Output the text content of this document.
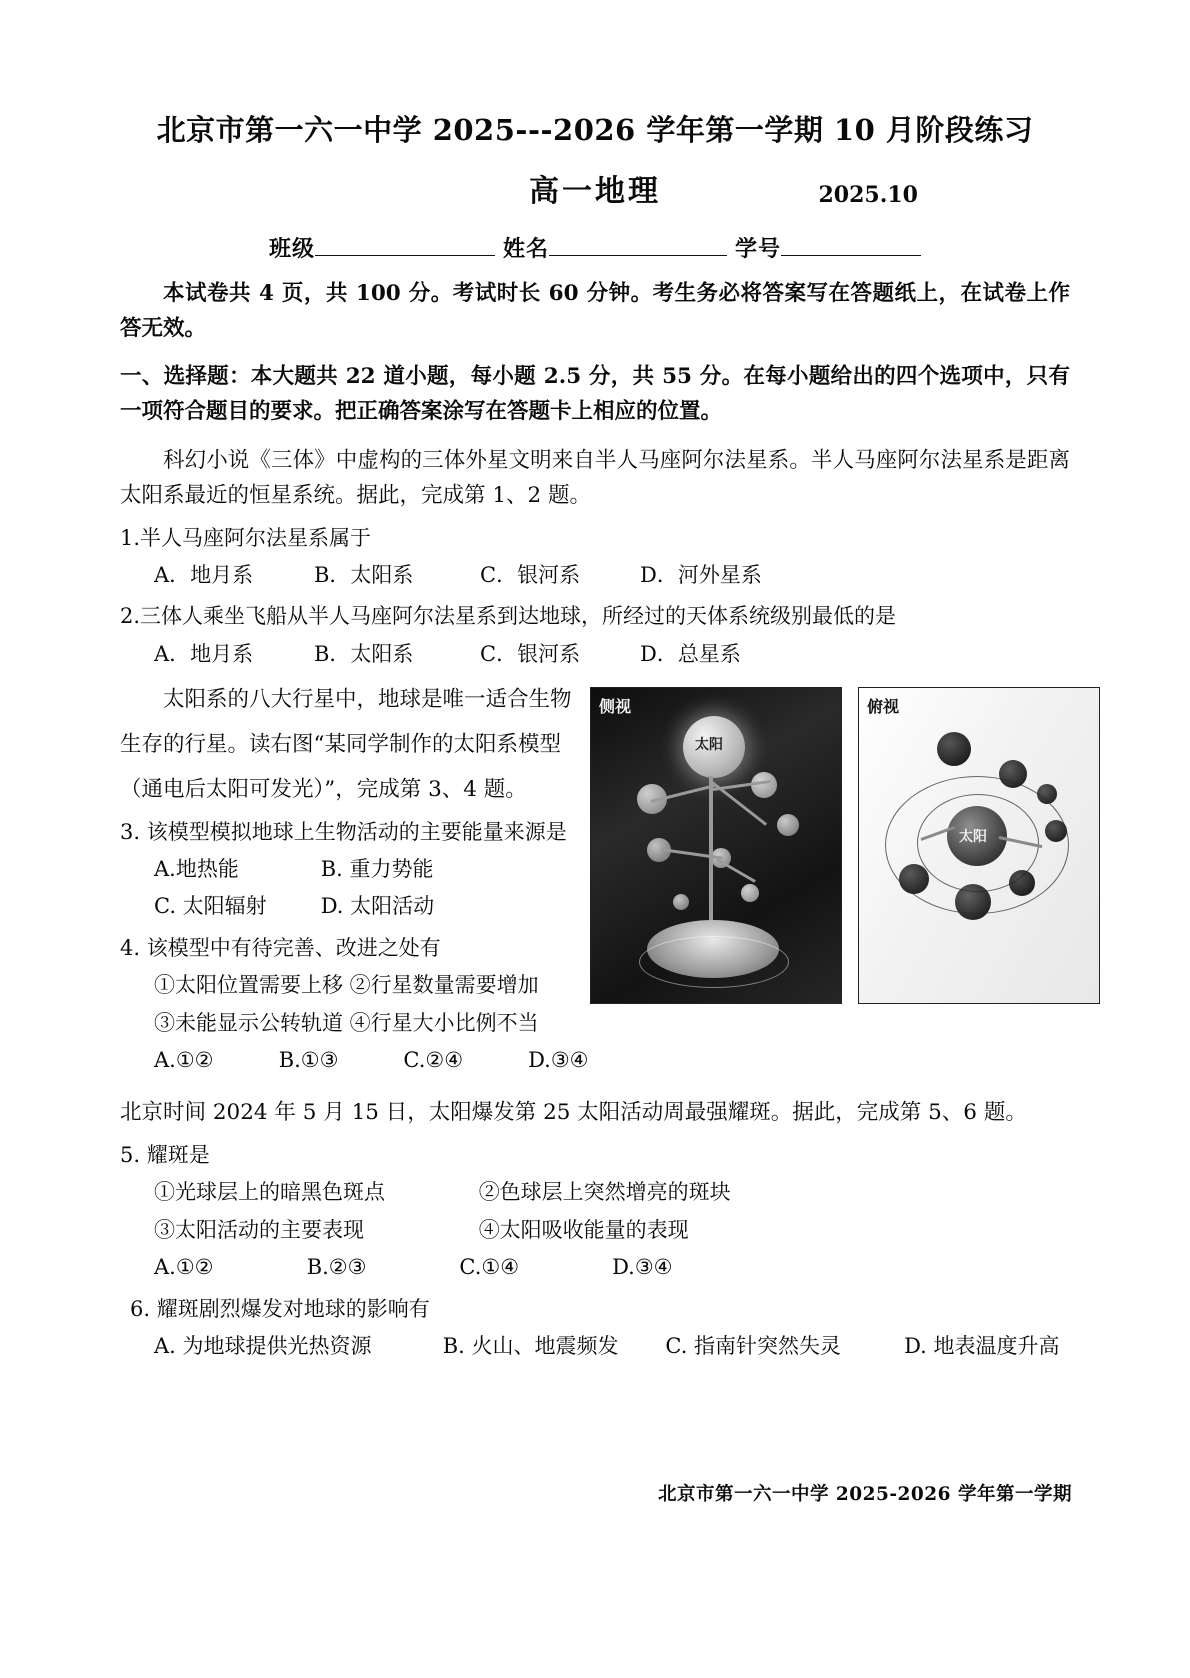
北京市第一六一中学 2025---2026 学年第一学期 10 月阶段练习
高一地理	2025.10
班级	姓名	学号

本试卷共 4 页，共 100 分。考试时长 60 分钟。考生务必将答案写在答题纸上，在试卷上作答无效。

一、选择题：本大题共 22 道小题，每小题 2.5 分，共 55 分。在每小题给出的四个选项中，只有一项符合题目的要求。把正确答案涂写在答题卡上相应的位置。

科幻小说《三体》中虚构的三体外星文明来自半人马座阿尔法星系。半人马座阿尔法星系是距离太阳系最近的恒星系统。据此，完成第 1、2 题。

1.半人马座阿尔法星系属于

A．地月系	B．太阳系	C．银河系	D．河外星系

2.三体人乘坐飞船从半人马座阿尔法星系到达地球，所经过的天体系统级别最低的是

A．地月系	B．太阳系	C．银河系	D．总星系
侧视
太阳
俯视
太阳

太阳系的八大行星中，地球是唯一适合生物

生存的行星。读右图“某同学制作的太阳系模型

（通电后太阳可发光）”，完成第 3、4 题。

3. 该模型模拟地球上生物活动的主要能量来源是

A.地热能	B. 重力势能
C. 太阳辐射	D. 太阳活动

4. 该模型中有待完善、改进之处有

①太阳位置需要上移 ②行星数量需要增加
③未能显示公转轨道 ④行星大小比例不当
A.①②	B.①③	C.②④	D.③④

北京时间 2024 年 5 月 15 日，太阳爆发第 25 太阳活动周最强耀斑。据此，完成第 5、6 题。

5. 耀斑是

①光球层上的暗黑色斑点	②色球层上突然增亮的斑块
③太阳活动的主要表现	④太阳吸收能量的表现
A.①②	B.②③	C.①④	D.③④

6. 耀斑剧烈爆发对地球的影响有

A. 为地球提供光热资源	B. 火山、地震频发 C. 指南针突然失灵	D. 地表温度升高
北京市第一六一中学 2025-2026 学年第一学期
